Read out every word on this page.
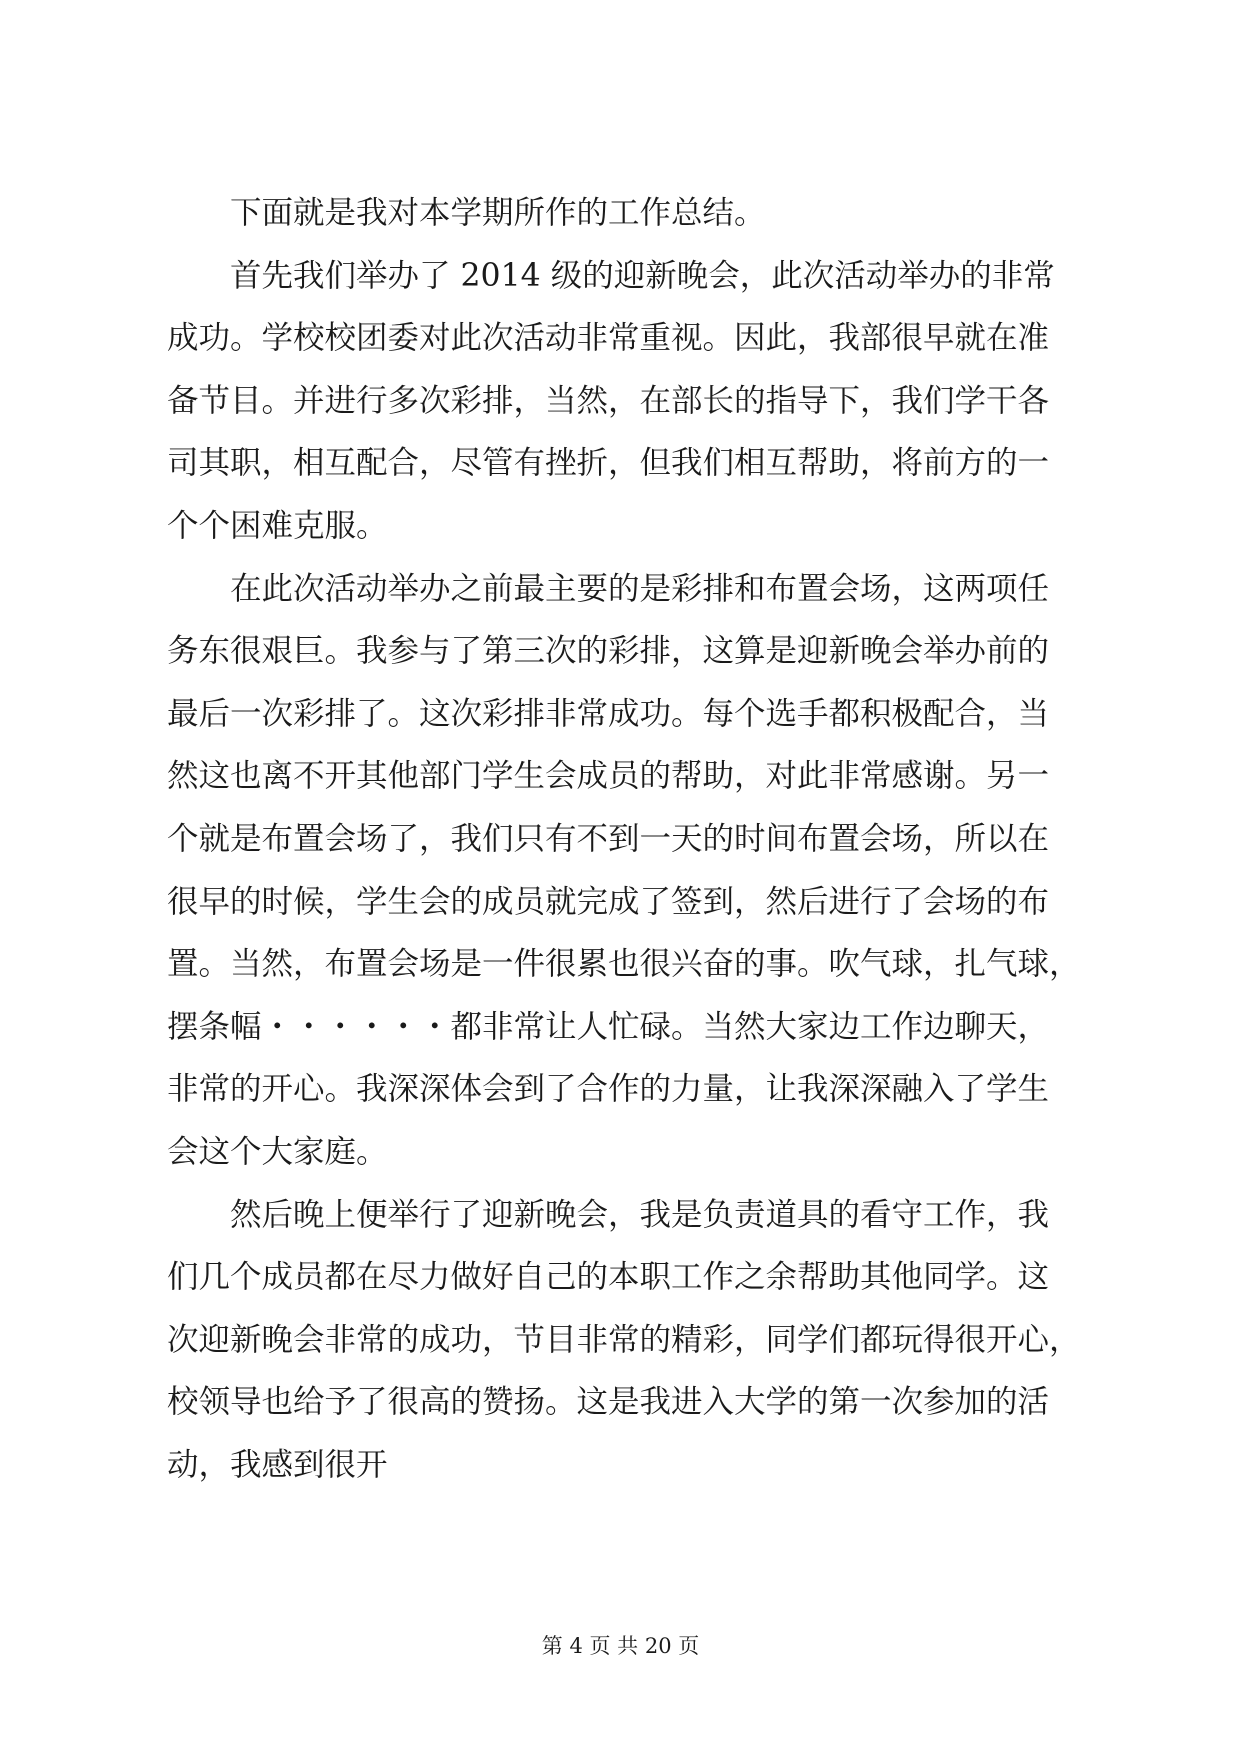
　　下面就是我对本学期所作的工作总结。

　　首先我们举办了 2014 级的迎新晚会，此次活动举办的非常

成功。学校校团委对此次活动非常重视。因此，我部很早就在准

备节目。并进行多次彩排，当然，在部长的指导下，我们学干各

司其职，相互配合，尽管有挫折，但我们相互帮助，将前方的一

个个困难克服。

　　在此次活动举办之前最主要的是彩排和布置会场，这两项任

务东很艰巨。我参与了第三次的彩排，这算是迎新晚会举办前的

最后一次彩排了。这次彩排非常成功。每个选手都积极配合，当

然这也离不开其他部门学生会成员的帮助，对此非常感谢。另一

个就是布置会场了，我们只有不到一天的时间布置会场，所以在

很早的时候，学生会的成员就完成了签到，然后进行了会场的布

置。当然，布置会场是一件很累也很兴奋的事。吹气球，扎气球，

摆条幅・・・・・・都非常让人忙碌。当然大家边工作边聊天，

非常的开心。我深深体会到了合作的力量，让我深深融入了学生

会这个大家庭。

　　然后晚上便举行了迎新晚会，我是负责道具的看守工作，我

们几个成员都在尽力做好自己的本职工作之余帮助其他同学。这

次迎新晚会非常的成功，节目非常的精彩，同学们都玩得很开心，

校领导也给予了很高的赞扬。这是我进入大学的第一次参加的活

动，我感到很开

第 4 页 共 20 页
